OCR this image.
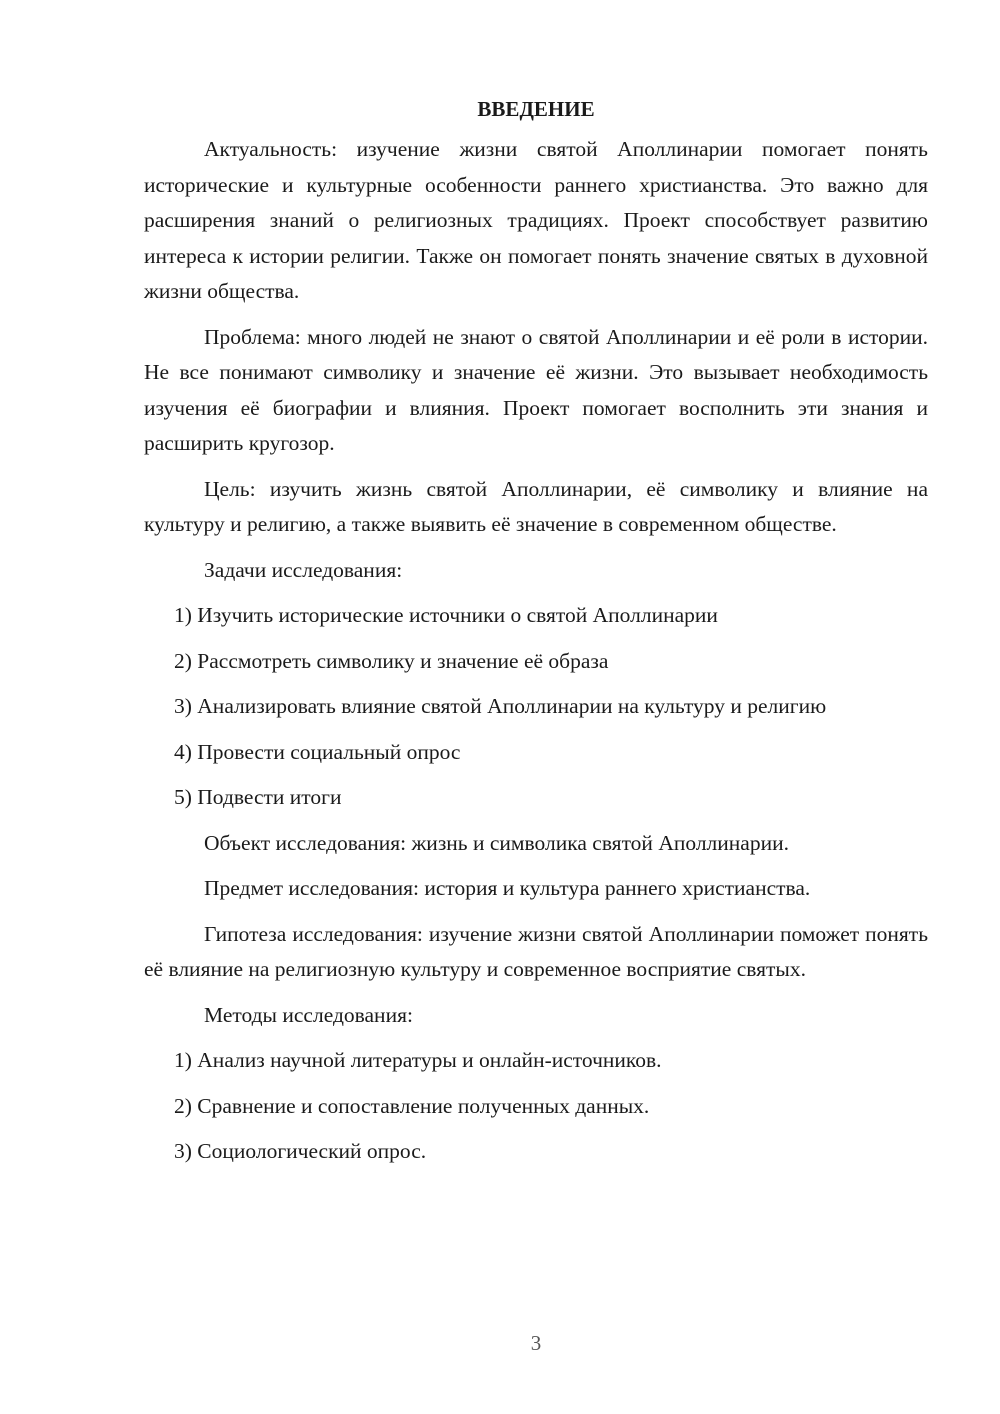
ВВЕДЕНИЕ

Актуальность: изучение жизни святой Аполлинарии помогает понять исторические и культурные особенности раннего христианства. Это важно для расширения знаний о религиозных традициях. Проект способствует развитию интереса к истории религии. Также он помогает понять значение святых в духовной жизни общества.

Проблема: много людей не знают о святой Аполлинарии и её роли в истории. Не все понимают символику и значение её жизни. Это вызывает необходимость изучения её биографии и влияния. Проект помогает восполнить эти знания и расширить кругозор.

Цель: изучить жизнь святой Аполлинарии, её символику и влияние на культуру и религию, а также выявить её значение в современном обществе.

Задачи исследования:

1) Изучить исторические источники о святой Аполлинарии

2) Рассмотреть символику и значение её образа

3) Анализировать влияние святой Аполлинарии на культуру и религию

4) Провести социальный опрос

5) Подвести итоги

Объект исследования: жизнь и символика святой Аполлинарии.

Предмет исследования: история и культура раннего христианства.

Гипотеза исследования: изучение жизни святой Аполлинарии поможет понять её влияние на религиозную культуру и современное восприятие святых.

Методы исследования:

1) Анализ научной литературы и онлайн-источников.

2) Сравнение и сопоставление полученных данных.

3) Социологический опрос.

3
